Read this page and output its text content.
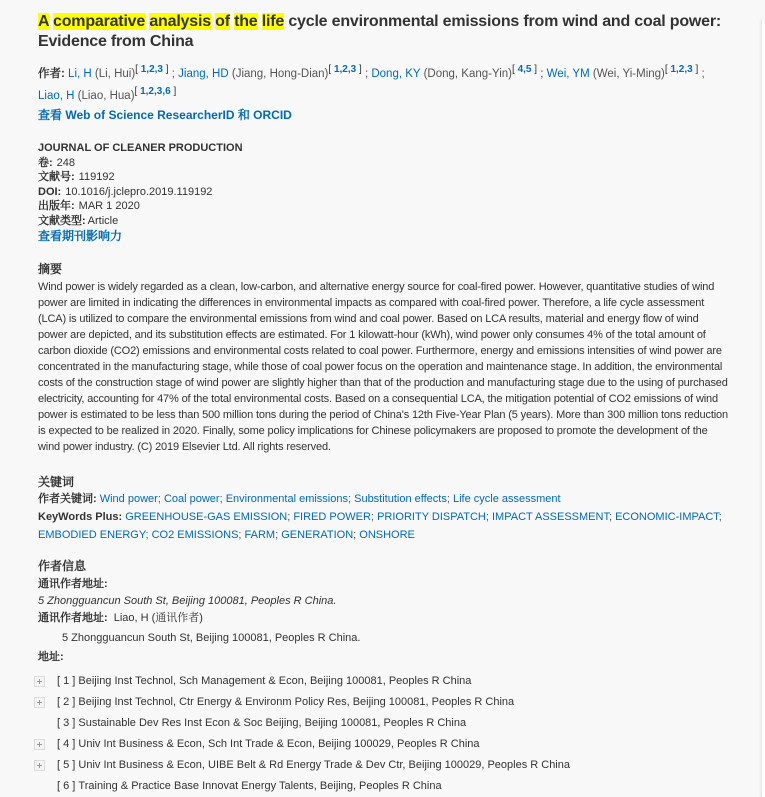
A comparative analysis of the life cycle environmental emissions from wind and coal power: Evidence from China
作者: Li, H (Li, Hui)[ 1,2,3 ] ; Jiang, HD (Jiang, Hong-Dian)[ 1,2,3 ] ; Dong, KY (Dong, Kang-Yin)[ 4,5 ] ; Wei, YM (Wei, Yi-Ming)[ 1,2,3 ] ; Liao, H (Liao, Hua)[ 1,2,3,6 ]
查看 Web of Science ResearcherID 和 ORCID
JOURNAL OF CLEANER PRODUCTION
卷: 248
文献号: 119192
DOI: 10.1016/j.jclepro.2019.119192
出版年: MAR 1 2020
文献类型: Article
查看期刊影响力
摘要

Wind power is widely regarded as a clean, low-carbon, and alternative energy source for coal-fired power. However, quantitative studies of wind power are limited in indicating the differences in environmental impacts as compared with coal-fired power. Therefore, a life cycle assessment (LCA) is utilized to compare the environmental emissions from wind and coal power. Based on LCA results, material and energy flow of wind power are depicted, and its substitution effects are estimated. For 1 kilowatt-hour (kWh), wind power only consumes 4% of the total amount of carbon dioxide (CO2) emissions and environmental costs related to coal power. Furthermore, energy and emissions intensities of wind power are concentrated in the manufacturing stage, while those of coal power focus on the operation and maintenance stage. In addition, the environmental costs of the construction stage of wind power are slightly higher than that of the production and manufacturing stage due to the using of purchased electricity, accounting for 47% of the total environmental costs. Based on a consequential LCA, the mitigation potential of CO2 emissions of wind power is estimated to be less than 500 million tons during the period of China's 12th Five-Year Plan (5 years). More than 300 million tons reduction is expected to be realized in 2020. Finally, some policy implications for Chinese policymakers are proposed to promote the development of the wind power industry. (C) 2019 Elsevier Ltd. All rights reserved.

关键词
作者关键词: Wind power; Coal power; Environmental emissions; Substitution effects; Life cycle assessment
KeyWords Plus: GREENHOUSE-GAS EMISSION; FIRED POWER; PRIORITY DISPATCH; IMPACT ASSESSMENT; ECONOMIC-IMPACT; EMBODIED ENERGY; CO2 EMISSIONS; FARM; GENERATION; ONSHORE
作者信息
通讯作者地址:
5 Zhongguancun South St, Beijing 100081, Peoples R China.
通讯作者地址: Liao, H (通讯作者)
5 Zhongguancun South St, Beijing 100081, Peoples R China.
地址:
[ 1 ]
Beijing Inst Technol, Sch Management & Econ, Beijing 100081, Peoples R China
[ 2 ]
Beijing Inst Technol, Ctr Energy & Environm Policy Res, Beijing 100081, Peoples R China
[ 3 ]
Sustainable Dev Res Inst Econ & Soc Beijing, Beijing 100081, Peoples R China
[ 4 ]
Univ Int Business & Econ, Sch Int Trade & Econ, Beijing 100029, Peoples R China
[ 5 ]
Univ Int Business & Econ, UIBE Belt & Rd Energy Trade & Dev Ctr, Beijing 100029, Peoples R China
[ 6 ]
Training & Practice Base Innovat Energy Talents, Beijing, Peoples R China
